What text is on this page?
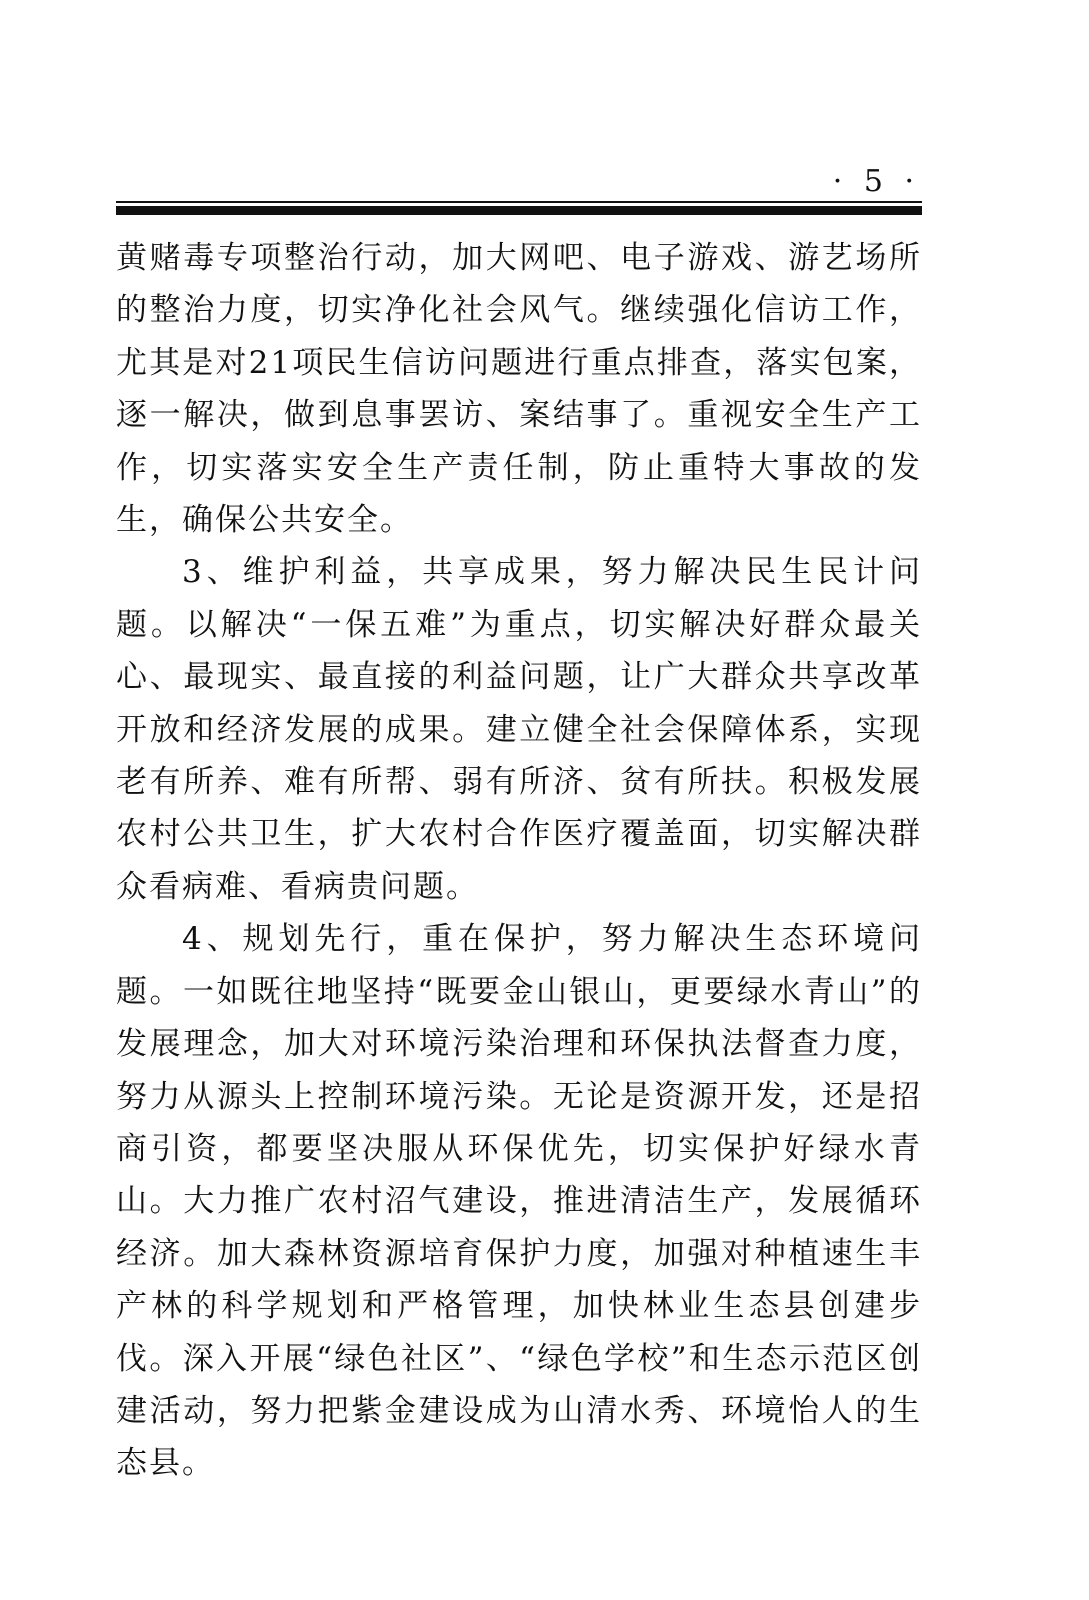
· 5 ·

黄赌毒专项整治行动，加大网吧、电子游戏、游艺场所的整治力度，切实净化社会风气。继续强化信访工作，尤其是对21项民生信访问题进行重点排查，落实包案，逐一解决，做到息事罢访、案结事了。重视安全生产工作，切实落实安全生产责任制，防止重特大事故的发生，确保公共安全。

3、维护利益，共享成果，努力解决民生民计问题。以解决“一保五难”为重点，切实解决好群众最关心、最现实、最直接的利益问题，让广大群众共享改革开放和经济发展的成果。建立健全社会保障体系，实现老有所养、难有所帮、弱有所济、贫有所扶。积极发展农村公共卫生，扩大农村合作医疗覆盖面，切实解决群众看病难、看病贵问题。

4、规划先行，重在保护，努力解决生态环境问题。一如既往地坚持“既要金山银山，更要绿水青山”的发展理念，加大对环境污染治理和环保执法督查力度，努力从源头上控制环境污染。无论是资源开发，还是招商引资，都要坚决服从环保优先，切实保护好绿水青山。大力推广农村沼气建设，推进清洁生产，发展循环经济。加大森林资源培育保护力度，加强对种植速生丰产林的科学规划和严格管理，加快林业生态县创建步伐。深入开展“绿色社区”、“绿色学校”和生态示范区创建活动，努力把紫金建设成为山清水秀、环境怡人的生态县。
